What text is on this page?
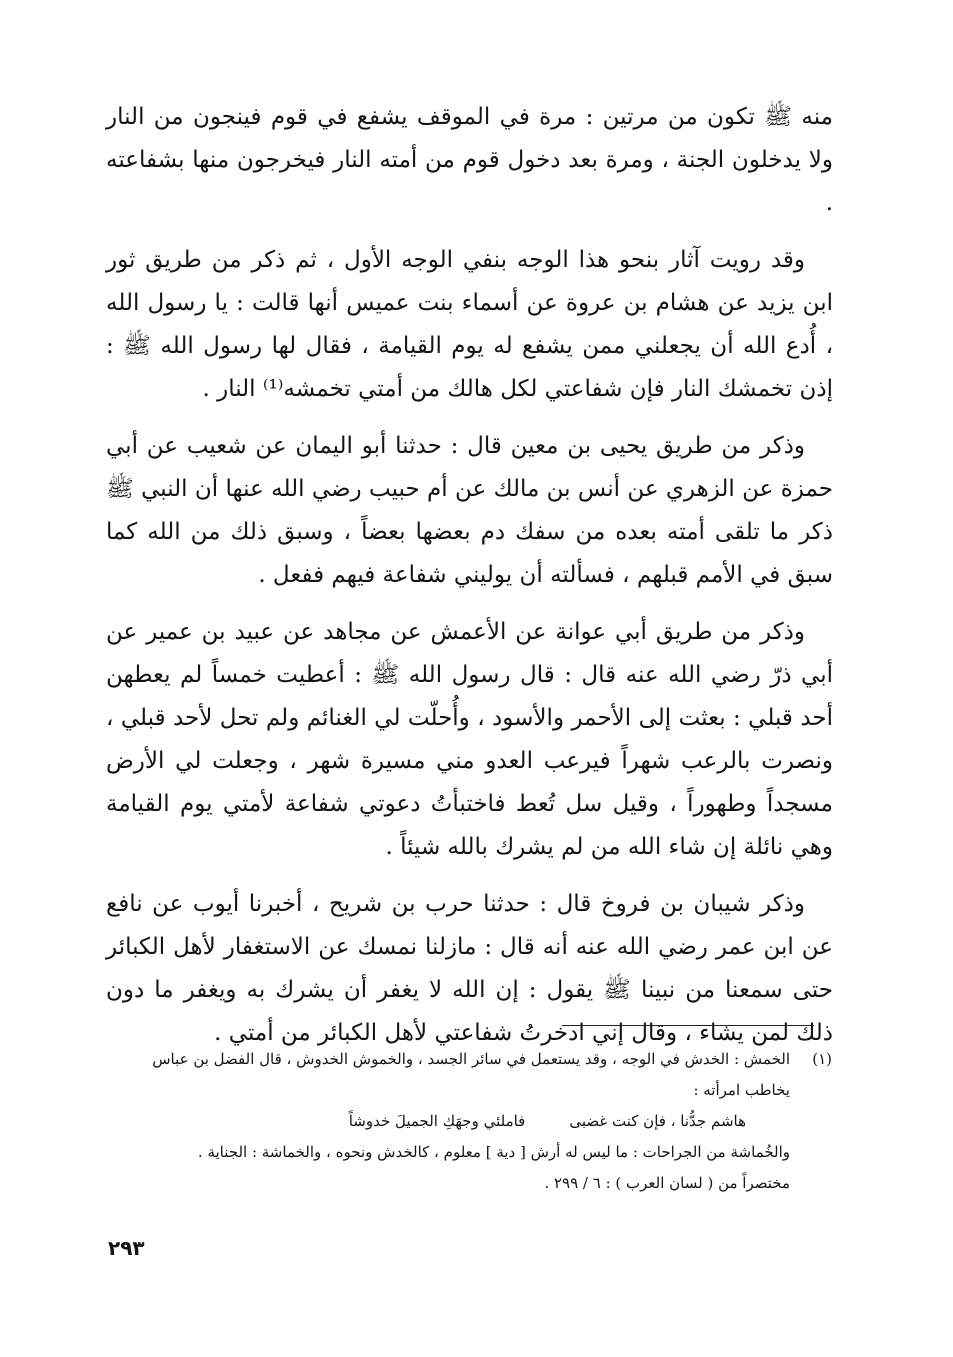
منه ﷺ تكون من مرتين : مرة في الموقف يشفع في قوم فينجون من النار ولا يدخلون الجنة ، ومرة بعد دخول قوم من أمته النار فيخرجون منها بشفاعته .

وقد رويت آثار بنحو هذا الوجه بنفي الوجه الأول ، ثم ذكر من طريق ثور ابن يزيد عن هشام بن عروة عن أسماء بنت عميس أنها قالت : يا رسول الله ، أُدع الله أن يجعلني ممن يشفع له يوم القيامة ، فقال لها رسول الله ﷺ : إذن تخمشك النار فإن شفاعتي لكل هالك من أمتي تخمشه⁽¹⁾ النار .

وذكر من طريق يحيى بن معين قال : حدثنا أبو اليمان عن شعيب عن أبي حمزة عن الزهري عن أنس بن مالك عن أم حبيب رضي الله عنها أن النبي ﷺ ذكر ما تلقى أمته بعده من سفك دم بعضها بعضاً ، وسبق ذلك من الله كما سبق في الأمم قبلهم ، فسألته أن يوليني شفاعة فيهم ففعل .

وذكر من طريق أبي عوانة عن الأعمش عن مجاهد عن عبيد بن عمير عن أبي ذرّ رضي الله عنه قال : قال رسول الله ﷺ : أعطيت خمساً لم يعطهن أحد قبلي : بعثت إلى الأحمر والأسود ، وأُحلّت لي الغنائم ولم تحل لأحد قبلي ، ونصرت بالرعب شهراً فيرعب العدو مني مسيرة شهر ، وجعلت لي الأرض مسجداً وطهوراً ، وقيل سل تُعط فاختبأتُ دعوتي شفاعة لأمتي يوم القيامة وهي نائلة إن شاء الله من لم يشرك بالله شيئاً .

وذكر شيبان بن فروخ قال : حدثنا حرب بن شريح ، أخبرنا أيوب عن نافع عن ابن عمر رضي الله عنه أنه قال : مازلنا نمسك عن الاستغفار لأهل الكبائر حتى سمعنا من نبينا ﷺ يقول : إن الله لا يغفر أن يشرك به ويغفر ما دون ذلك لمن يشاء ، وقال إني ادخرتُ شفاعتي لأهل الكبائر من أمتي .

(١)الخمش : الخدش في الوجه ، وقد يستعمل في سائر الجسد ، والخموش الخدوش ، قال الفضل بن عباس
يخاطب امرأته :
هاشم جدُّنا ، فإن كنت غضبى
فاملئي وجهَكِ الجميلَ خدوشاً
والخُماشة من الجراحات : ما ليس له أرش [ دية ] معلوم ، كالخدش ونحوه ، والخماشة : الجناية .
مختصراً من ( لسان العرب ) : ٦ / ٢٩٩ .
٢٩٣
